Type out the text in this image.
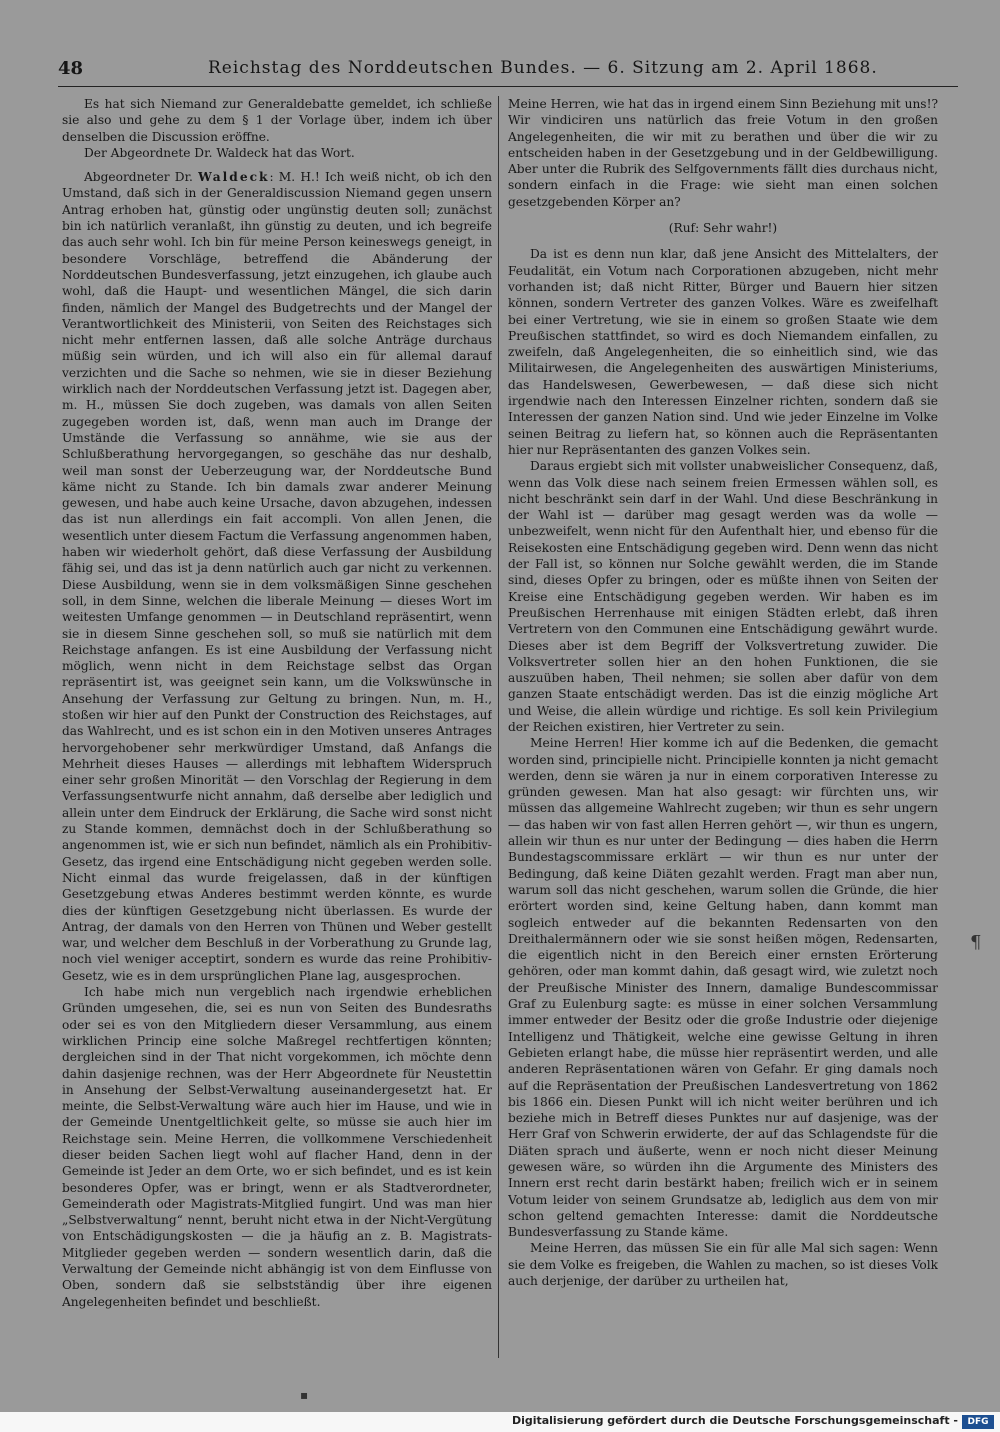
48	Reichstag des Norddeutschen Bundes. — 6. Sitzung am 2. April 1868.

Es hat sich Niemand zur Generaldebatte gemeldet, ich schließe sie also und gehe zu dem § 1 der Vorlage über, indem ich über denselben die Discussion eröffne.

Der Abgeordnete Dr. Waldeck hat das Wort.

Abgeordneter Dr. Waldeck: M. H.! Ich weiß nicht, ob ich den Umstand, daß sich in der Generaldiscussion Niemand gegen unsern Antrag erhoben hat, günstig oder ungünstig deuten soll; zunächst bin ich natürlich veranlaßt, ihn günstig zu deuten, und ich begreife das auch sehr wohl. Ich bin für meine Person keineswegs geneigt, in besondere Vorschläge, betreffend die Abänderung der Norddeutschen Bundesverfassung, jetzt einzugehen, ich glaube auch wohl, daß die Haupt- und wesentlichen Mängel, die sich darin finden, nämlich der Mangel des Budgetrechts und der Mangel der Verantwortlichkeit des Ministerii, von Seiten des Reichstages sich nicht mehr entfernen lassen, daß alle solche Anträge durchaus müßig sein würden, und ich will also ein für allemal darauf verzichten und die Sache so nehmen, wie sie in dieser Beziehung wirklich nach der Norddeutschen Verfassung jetzt ist. Dagegen aber, m. H., müssen Sie doch zugeben, was damals von allen Seiten zugegeben worden ist, daß, wenn man auch im Drange der Umstände die Verfassung so annähme, wie sie aus der Schlußberathung hervorgegangen, so geschähe das nur deshalb, weil man sonst der Ueberzeugung war, der Norddeutsche Bund käme nicht zu Stande. Ich bin damals zwar anderer Meinung gewesen, und habe auch keine Ursache, davon abzugehen, indessen das ist nun allerdings ein fait accompli. Von allen Jenen, die wesentlich unter diesem Factum die Verfassung angenommen haben, haben wir wiederholt gehört, daß diese Verfassung der Ausbildung fähig sei, und das ist ja denn natürlich auch gar nicht zu verkennen. Diese Ausbildung, wenn sie in dem volksmäßigen Sinne geschehen soll, in dem Sinne, welchen die liberale Meinung — dieses Wort im weitesten Umfange genommen — in Deutschland repräsentirt, wenn sie in diesem Sinne geschehen soll, so muß sie natürlich mit dem Reichstage anfangen. Es ist eine Ausbildung der Verfassung nicht möglich, wenn nicht in dem Reichstage selbst das Organ repräsentirt ist, was geeignet sein kann, um die Volkswünsche in Ansehung der Verfassung zur Geltung zu bringen. Nun, m. H., stoßen wir hier auf den Punkt der Construction des Reichstages, auf das Wahlrecht, und es ist schon ein in den Motiven unseres Antrages hervorgehobener sehr merkwürdiger Umstand, daß Anfangs die Mehrheit dieses Hauses — allerdings mit lebhaftem Widerspruch einer sehr großen Minorität — den Vorschlag der Regierung in dem Verfassungsentwurfe nicht annahm, daß derselbe aber lediglich und allein unter dem Eindruck der Erklärung, die Sache wird sonst nicht zu Stande kommen, demnächst doch in der Schlußberathung so angenommen ist, wie er sich nun befindet, nämlich als ein Prohibitiv-Gesetz, das irgend eine Entschädigung nicht gegeben werden solle. Nicht einmal das wurde freigelassen, daß in der künftigen Gesetzgebung etwas Anderes bestimmt werden könnte, es wurde dies der künftigen Gesetzgebung nicht überlassen. Es wurde der Antrag, der damals von den Herren von Thünen und Weber gestellt war, und welcher dem Beschluß in der Vorberathung zu Grunde lag, noch viel weniger acceptirt, sondern es wurde das reine Prohibitiv-Gesetz, wie es in dem ursprünglichen Plane lag, ausgesprochen.

Ich habe mich nun vergeblich nach irgendwie erheblichen Gründen umgesehen, die, sei es nun von Seiten des Bundesraths oder sei es von den Mitgliedern dieser Versammlung, aus einem wirklichen Princip eine solche Maßregel rechtfertigen könnten; dergleichen sind in der That nicht vorgekommen, ich möchte denn dahin dasjenige rechnen, was der Herr Abgeordnete für Neustettin in Ansehung der Selbst-Verwaltung auseinandergesetzt hat. Er meinte, die Selbst-Verwaltung wäre auch hier im Hause, und wie in der Gemeinde Unentgeltlichkeit gelte, so müsse sie auch hier im Reichstage sein. Meine Herren, die vollkommene Verschiedenheit dieser beiden Sachen liegt wohl auf flacher Hand, denn in der Gemeinde ist Jeder an dem Orte, wo er sich befindet, und es ist kein besonderes Opfer, was er bringt, wenn er als Stadtverordneter, Gemeinderath oder Magistrats-Mitglied fungirt. Und was man hier „Selbstverwaltung“ nennt, beruht nicht etwa in der Nicht-Vergütung von Entschädigungskosten — die ja häufig an z. B. Magistrats-Mitglieder gegeben werden — sondern wesentlich darin, daß die Verwaltung der Gemeinde nicht abhängig ist von dem Einflusse von Oben, sondern daß sie selbstständig über ihre eigenen Angelegenheiten befindet und beschließt.

Meine Herren, wie hat das in irgend einem Sinn Beziehung mit uns!? Wir vindiciren uns natürlich das freie Votum in den großen Angelegenheiten, die wir mit zu berathen und über die wir zu entscheiden haben in der Gesetzgebung und in der Geldbewilligung. Aber unter die Rubrik des Selfgovernments fällt dies durchaus nicht, sondern einfach in die Frage: wie sieht man einen solchen gesetzgebenden Körper an?

(Ruf: Sehr wahr!)

Da ist es denn nun klar, daß jene Ansicht des Mittelalters, der Feudalität, ein Votum nach Corporationen abzugeben, nicht mehr vorhanden ist; daß nicht Ritter, Bürger und Bauern hier sitzen können, sondern Vertreter des ganzen Volkes. Wäre es zweifelhaft bei einer Vertretung, wie sie in einem so großen Staate wie dem Preußischen stattfindet, so wird es doch Niemandem einfallen, zu zweifeln, daß Angelegenheiten, die so einheitlich sind, wie das Militairwesen, die Angelegenheiten des auswärtigen Ministeriums, das Handelswesen, Gewerbewesen, — daß diese sich nicht irgendwie nach den Interessen Einzelner richten, sondern daß sie Interessen der ganzen Nation sind. Und wie jeder Einzelne im Volke seinen Beitrag zu liefern hat, so können auch die Repräsentanten hier nur Repräsentanten des ganzen Volkes sein.

Daraus ergiebt sich mit vollster unabweislicher Consequenz, daß, wenn das Volk diese nach seinem freien Ermessen wählen soll, es nicht beschränkt sein darf in der Wahl. Und diese Beschränkung in der Wahl ist — darüber mag gesagt werden was da wolle — unbezweifelt, wenn nicht für den Aufenthalt hier, und ebenso für die Reisekosten eine Entschädigung gegeben wird. Denn wenn das nicht der Fall ist, so können nur Solche gewählt werden, die im Stande sind, dieses Opfer zu bringen, oder es müßte ihnen von Seiten der Kreise eine Entschädigung gegeben werden. Wir haben es im Preußischen Herrenhause mit einigen Städten erlebt, daß ihren Vertretern von den Communen eine Entschädigung gewährt wurde. Dieses aber ist dem Begriff der Volksvertretung zuwider. Die Volksvertreter sollen hier an den hohen Funktionen, die sie auszuüben haben, Theil nehmen; sie sollen aber dafür von dem ganzen Staate entschädigt werden. Das ist die einzig mögliche Art und Weise, die allein würdige und richtige. Es soll kein Privilegium der Reichen existiren, hier Vertreter zu sein.

Meine Herren! Hier komme ich auf die Bedenken, die gemacht worden sind, principielle nicht. Principielle konnten ja nicht gemacht werden, denn sie wären ja nur in einem corporativen Interesse zu gründen gewesen. Man hat also gesagt: wir fürchten uns, wir müssen das allgemeine Wahlrecht zugeben; wir thun es sehr ungern — das haben wir von fast allen Herren gehört —, wir thun es ungern, allein wir thun es nur unter der Bedingung — dies haben die Herrn Bundestagscommissare erklärt — wir thun es nur unter der Bedingung, daß keine Diäten gezahlt werden. Fragt man aber nun, warum soll das nicht geschehen, warum sollen die Gründe, die hier erörtert worden sind, keine Geltung haben, dann kommt man sogleich entweder auf die bekannten Redensarten von den Dreithalermännern oder wie sie sonst heißen mögen, Redensarten, die eigentlich nicht in den Bereich einer ernsten Erörterung gehören, oder man kommt dahin, daß gesagt wird, wie zuletzt noch der Preußische Minister des Innern, damalige Bundescommissar Graf zu Eulenburg sagte: es müsse in einer solchen Versammlung immer entweder der Besitz oder die große Industrie oder diejenige Intelligenz und Thätigkeit, welche eine gewisse Geltung in ihren Gebieten erlangt habe, die müsse hier repräsentirt werden, und alle anderen Repräsentationen wären von Gefahr. Er ging damals noch auf die Repräsentation der Preußischen Landesvertretung von 1862 bis 1866 ein. Diesen Punkt will ich nicht weiter berühren und ich beziehe mich in Betreff dieses Punktes nur auf dasjenige, was der Herr Graf von Schwerin erwiderte, der auf das Schlagendste für die Diäten sprach und äußerte, wenn er noch nicht dieser Meinung gewesen wäre, so würden ihn die Argumente des Ministers des Innern erst recht darin bestärkt haben; freilich wich er in seinem Votum leider von seinem Grundsatze ab, lediglich aus dem von mir schon geltend gemachten Interesse: damit die Norddeutsche Bundesverfassung zu Stande käme.

Meine Herren, das müssen Sie ein für alle Mal sich sagen: Wenn sie dem Volke es freigeben, die Wahlen zu machen, so ist dieses Volk auch derjenige, der darüber zu urtheilen hat,

¶
▪
Digitalisierung gefördert durch die Deutsche Forschungsgemeinschaft -	DFG
